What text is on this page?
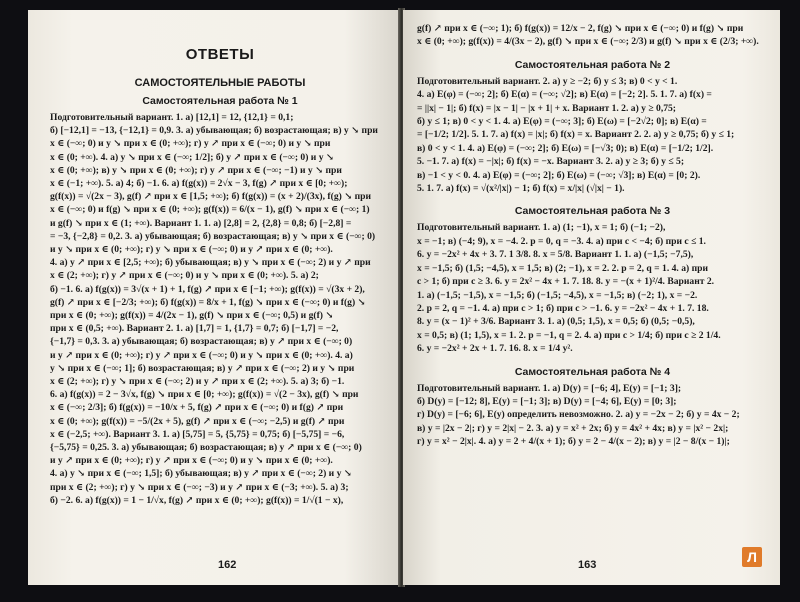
ОТВЕТЫ
САМОСТОЯТЕЛЬНЫЕ РАБОТЫ
Самостоятельная работа № 1
Подготовительный вариант. 1. а) [12,1] = 12, {12,1} = 0,1;
б) [−12,1] = −13, {−12,1} = 0,9. 3. а) убывающая; б) возрастающая; в) y ↘ при
x ∈ (−∞; 0) и y ↘ при x ∈ (0; +∞); г) y ↗ при x ∈ (−∞; 0) и y ↘ при
x ∈ (0; +∞). 4. а) y ↘ при x ∈ (−∞; 1/2]; б) y ↗ при x ∈ (−∞; 0) и y ↘
x ∈ (0; +∞); в) y ↘ при x ∈ (0; +∞); г) y ↗ при x ∈ (−∞; −1) и y ↘ при
x ∈ (−1; +∞). 5. а) 4; б) −1. 6. а) f(g(x)) = 2√x − 3, f(g) ↗ при x ∈ [0; +∞);
g(f(x)) = √(2x − 3), g(f) ↗ при x ∈ [1,5; +∞); б) f(g(x)) = (x + 2)/(3x), f(g) ↘ при
x ∈ (−∞; 0) и f(g) ↘ при x ∈ (0; +∞); g(f(x)) = 6/(x − 1), g(f) ↘ при x ∈ (−∞; 1)
и g(f) ↘ при x ∈ (1; +∞). Вариант 1. 1. а) [2,8] = 2, {2,8} = 0,8; б) [−2,8] =
= −3, {−2,8} = 0,2. 3. а) убывающая; б) возрастающая; в) y ↘ при x ∈ (−∞; 0)
и y ↘ при x ∈ (0; +∞); г) y ↘ при x ∈ (−∞; 0) и y ↗ при x ∈ (0; +∞).
4. а) y ↗ при x ∈ [2,5; +∞); б) убывающая; в) y ↘ при x ∈ (−∞; 2) и y ↗ при
x ∈ (2; +∞); г) y ↗ при x ∈ (−∞; 0) и y ↘ при x ∈ (0; +∞). 5. а) 2;
б) −1. 6. а) f(g(x)) = 3√(x + 1) + 1, f(g) ↗ при x ∈ [−1; +∞); g(f(x)) = √(3x + 2),
g(f) ↗ при x ∈ [−2/3; +∞); б) f(g(x)) = 8/x + 1, f(g) ↘ при x ∈ (−∞; 0) и f(g) ↘
при x ∈ (0; +∞); g(f(x)) = 4/(2x − 1), g(f) ↘ при x ∈ (−∞; 0,5) и g(f) ↘
при x ∈ (0,5; +∞). Вариант 2. 1. а) [1,7] = 1, {1,7} = 0,7; б) [−1,7] = −2,
{−1,7} = 0,3. 3. а) убывающая; б) возрастающая; в) y ↗ при x ∈ (−∞; 0)
и y ↗ при x ∈ (0; +∞); г) y ↗ при x ∈ (−∞; 0) и y ↘ при x ∈ (0; +∞). 4. а)
y ↘ при x ∈ (−∞; 1]; б) возрастающая; в) y ↗ при x ∈ (−∞; 2) и y ↘ при
x ∈ (2; +∞); г) y ↘ при x ∈ (−∞; 2) и y ↗ при x ∈ (2; +∞). 5. а) 3; б) −1.
6. а) f(g(x)) = 2 − 3√x, f(g) ↘ при x ∈ [0; +∞); g(f(x)) = √(2 − 3x), g(f) ↘ при
x ∈ (−∞; 2/3]; б) f(g(x)) = −10/x + 5, f(g) ↗ при x ∈ (−∞; 0) и f(g) ↗ при
x ∈ (0; +∞); g(f(x)) = −5/(2x + 5), g(f) ↗ при x ∈ (−∞; −2,5) и g(f) ↗ при
x ∈ (−2,5; +∞). Вариант 3. 1. а) [5,75] = 5, {5,75} = 0,75; б) [−5,75] = −6,
{−5,75} = 0,25. 3. а) убывающая; б) возрастающая; в) y ↗ при x ∈ (−∞; 0)
и y ↗ при x ∈ (0; +∞); г) y ↗ при x ∈ (−∞; 0) и y ↘ при x ∈ (0; +∞).
4. а) y ↘ при x ∈ (−∞; 1,5]; б) убывающая; в) y ↗ при x ∈ (−∞; 2) и y ↘
при x ∈ (2; +∞); г) y ↘ при x ∈ (−∞; −3) и y ↗ при x ∈ (−3; +∞). 5. а) 3;
б) −2. 6. а) f(g(x)) = 1 − 1/√x, f(g) ↗ при x ∈ (0; +∞); g(f(x)) = 1/√(1 − x),
162
g(f) ↗ при x ∈ (−∞; 1); б) f(g(x)) = 12/x − 2, f(g) ↘ при x ∈ (−∞; 0) и f(g) ↘ при
x ∈ (0; +∞); g(f(x)) = 4/(3x − 2), g(f) ↘ при x ∈ (−∞; 2/3) и g(f) ↘ при x ∈ (2/3; +∞).
Самостоятельная работа № 2
Подготовительный вариант. 2. а) y ≥ −2; б) y ≤ 3; в) 0 < y < 1.
4. а) E(φ) = (−∞; 2]; б) E(α) = (−∞; √2]; в) E(α) = [−2; 2]. 5. 1. 7. а) f(x) =
= ||x| − 1|; б) f(x) = |x − 1| − |x + 1| + x. Вариант 1. 2. а) y ≥ 0,75;
б) y ≤ 1; в) 0 < y < 1. 4. а) E(φ) = (−∞; 3]; б) E(ω) = [−2√2; 0]; в) E(α) =
= [−1/2; 1/2]. 5. 1. 7. а) f(x) = |x|; б) f(x) = x. Вариант 2. 2. а) y ≥ 0,75; б) y ≤ 1;
в) 0 < y < 1. 4. а) E(φ) = (−∞; 2]; б) E(ω) = [−√3; 0); в) E(α) = [−1/2; 1/2].
5. −1. 7. а) f(x) = −|x|; б) f(x) = −x. Вариант 3. 2. а) y ≥ 3; б) y ≤ 5;
в) −1 < y < 0. 4. а) E(φ) = (−∞; 2]; б) E(ω) = (−∞; √3]; в) E(α) = [0; 2).
5. 1. 7. а) f(x) = √(x²/|x|) − 1; б) f(x) = x/|x| (√|x| − 1).
Самостоятельная работа № 3
Подготовительный вариант. 1. а) (1; −1), x = 1; б) (−1; −2),
x = −1; в) (−4; 9), x = −4. 2. p = 0, q = −3. 4. а) при c < −4; б) при c ≤ 1.
6. y = −2x² + 4x + 3. 7. 1 3/8. 8. x = 5/8. Вариант 1. 1. а) (−1,5; −7,5),
x = −1,5; б) (1,5; −4,5), x = 1,5; в) (2; −1), x = 2. 2. p = 2, q = 1. 4. а) при
c > 1; б) при c ≥ 3. 6. y = 2x² − 4x + 1. 7. 18. 8. y = −(x + 1)²/4. Вариант 2.
1. а) (−1,5; −1,5), x = −1,5; б) (−1,5; −4,5), x = −1,5; в) (−2; 1), x = −2.
2. p = 2, q = −1. 4. а) при c > 1; б) при c > −1. 6. y = −2x² − 4x + 1. 7. 18.
8. y = (x − 1)² + 3/6. Вариант 3. 1. а) (0,5; 1,5), x = 0,5; б) (0,5; −0,5),
x = 0,5; в) (1; 1,5), x = 1. 2. p = −1, q = 2. 4. а) при c > 1/4; б) при c ≥ 2 1/4.
6. y = −2x² + 2x + 1. 7. 16. 8. x = 1/4 y².
Самостоятельная работа № 4
Подготовительный вариант. 1. а) D(y) = [−6; 4], E(y) = [−1; 3];
б) D(y) = [−12; 8], E(y) = [−1; 3]; в) D(y) = [−4; 6], E(y) = [0; 3];
г) D(y) = [−6; 6], E(y) определить невозможно. 2. а) y = −2x − 2; б) y = 4x − 2;
в) y = |2x − 2|; г) y = 2|x| − 2. 3. а) y = x² + 2x; б) y = 4x² + 4x; в) y = |x² − 2x|;
г) y = x² − 2|x|. 4. а) y = 2 + 4/(x + 1); б) y = 2 − 4/(x − 2); в) y = |2 − 8/(x − 1)|;
163	Л
